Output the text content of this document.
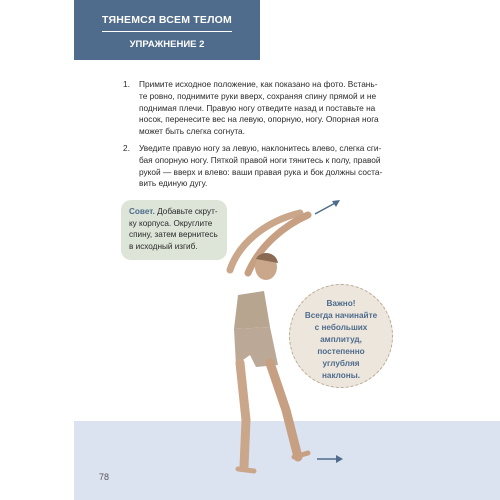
ТЯНЕМСЯ ВСЕМ ТЕЛОМ
УПРАЖНЕНИЕ 2
1. Примите исходное положение, как показано на фото. Встань-
те ровно, поднимите руки вверх, сохраняя спину прямой и не
поднимая плечи. Правую ногу отведите назад и поставьте на
носок, перенесите вес на левую, опорную, ногу. Опорная нога
может быть слегка согнута.
2. Уведите правую ногу за левую, наклонитесь влево, слегка сги-
бая опорную ногу. Пяткой правой ноги тянитесь к полу, правой
рукой — вверх и влево: ваши правая рука и бок должны соста-
вить единую дугу.
Совет. Добавьте скрут-
ку корпуса. Округлите
спину, затем вернитесь
в исходный изгиб.
Важно!
Всегда начинайте
с небольших
амплитуд,
постепенно
углубляя
наклоны.
78
